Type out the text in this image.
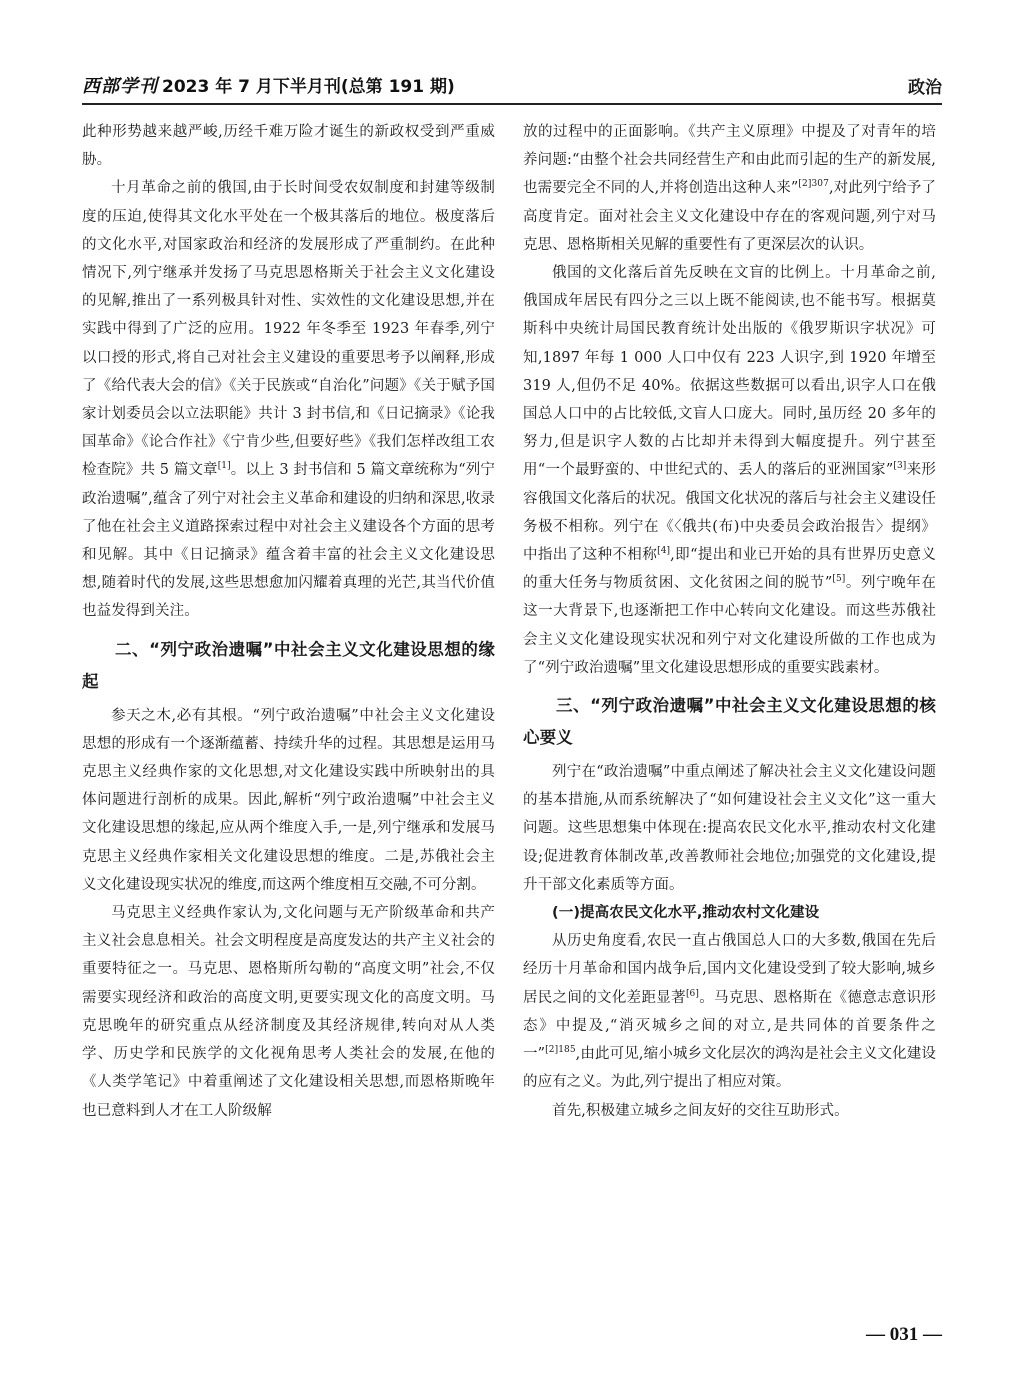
西部学刊 2023 年 7 月下半月刊(总第 191 期)	政治

此种形势越来越严峻,历经千难万险才诞生的新政权受到严重威胁。

十月革命之前的俄国,由于长时间受农奴制度和封建等级制度的压迫,使得其文化水平处在一个极其落后的地位。极度落后的文化水平,对国家政治和经济的发展形成了严重制约。在此种情况下,列宁继承并发扬了马克思恩格斯关于社会主义文化建设的见解,推出了一系列极具针对性、实效性的文化建设思想,并在实践中得到了广泛的应用。1922 年冬季至 1923 年春季,列宁以口授的形式,将自己对社会主义建设的重要思考予以阐释,形成了《给代表大会的信》《关于民族或“自治化”问题》《关于赋予国家计划委员会以立法职能》共计 3 封书信,和《日记摘录》《论我国革命》《论合作社》《宁肯少些,但要好些》《我们怎样改组工农检查院》共 5 篇文章[1]。以上 3 封书信和 5 篇文章统称为“列宁政治遗嘱”,蕴含了列宁对社会主义革命和建设的归纳和深思,收录了他在社会主义道路探索过程中对社会主义建设各个方面的思考和见解。其中《日记摘录》蕴含着丰富的社会主义文化建设思想,随着时代的发展,这些思想愈加闪耀着真理的光芒,其当代价值也益发得到关注。

二、“列宁政治遗嘱”中社会主义文化建设思想的缘起

参天之木,必有其根。“列宁政治遗嘱”中社会主义文化建设思想的形成有一个逐渐蕴蓄、持续升华的过程。其思想是运用马克思主义经典作家的文化思想,对文化建设实践中所映射出的具体问题进行剖析的成果。因此,解析“列宁政治遗嘱”中社会主义文化建设思想的缘起,应从两个维度入手,一是,列宁继承和发展马克思主义经典作家相关文化建设思想的维度。二是,苏俄社会主义文化建设现实状况的维度,而这两个维度相互交融,不可分割。

马克思主义经典作家认为,文化问题与无产阶级革命和共产主义社会息息相关。社会文明程度是高度发达的共产主义社会的重要特征之一。马克思、恩格斯所勾勒的“高度文明”社会,不仅需要实现经济和政治的高度文明,更要实现文化的高度文明。马克思晚年的研究重点从经济制度及其经济规律,转向对从人类学、历史学和民族学的文化视角思考人类社会的发展,在他的《人类学笔记》中着重阐述了文化建设相关思想,而恩格斯晚年也已意料到人才在工人阶级解

放的过程中的正面影响。《共产主义原理》中提及了对青年的培养问题:“由整个社会共同经营生产和由此而引起的生产的新发展,也需要完全不同的人,并将创造出这种人来”$^{[2]307}$,对此列宁给予了高度肯定。面对社会主义文化建设中存在的客观问题,列宁对马克思、恩格斯相关见解的重要性有了更深层次的认识。

俄国的文化落后首先反映在文盲的比例上。十月革命之前,俄国成年居民有四分之三以上既不能阅读,也不能书写。根据莫斯科中央统计局国民教育统计处出版的《俄罗斯识字状况》可知,1897 年每 1 000 人口中仅有 223 人识字,到 1920 年增至 319 人,但仍不足 40%。依据这些数据可以看出,识字人口在俄国总人口中的占比较低,文盲人口庞大。同时,虽历经 20 多年的努力,但是识字人数的占比却并未得到大幅度提升。列宁甚至用“一个最野蛮的、中世纪式的、丢人的落后的亚洲国家”[3]来形容俄国文化落后的状况。俄国文化状况的落后与社会主义建设任务极不相称。列宁在《〈俄共(布)中央委员会政治报告〉提纲》中指出了这种不相称[4],即“提出和业已开始的具有世界历史意义的重大任务与物质贫困、文化贫困之间的脱节”[5]。列宁晚年在这一大背景下,也逐渐把工作中心转向文化建设。而这些苏俄社会主义文化建设现实状况和列宁对文化建设所做的工作也成为了“列宁政治遗嘱”里文化建设思想形成的重要实践素材。

三、“列宁政治遗嘱”中社会主义文化建设思想的核心要义

列宁在“政治遗嘱”中重点阐述了解决社会主义文化建设问题的基本措施,从而系统解决了“如何建设社会主义文化”这一重大问题。这些思想集中体现在:提高农民文化水平,推动农村文化建设;促进教育体制改革,改善教师社会地位;加强党的文化建设,提升干部文化素质等方面。

(一)提高农民文化水平,推动农村文化建设

从历史角度看,农民一直占俄国总人口的大多数,俄国在先后经历十月革命和国内战争后,国内文化建设受到了较大影响,城乡居民之间的文化差距显著[6]。马克思、恩格斯在《德意志意识形态》中提及,“消灭城乡之间的对立,是共同体的首要条件之一”$^{[2]185}$,由此可见,缩小城乡文化层次的鸿沟是社会主义文化建设的应有之义。为此,列宁提出了相应对策。

首先,积极建立城乡之间友好的交往互助形式。

— 031 —
